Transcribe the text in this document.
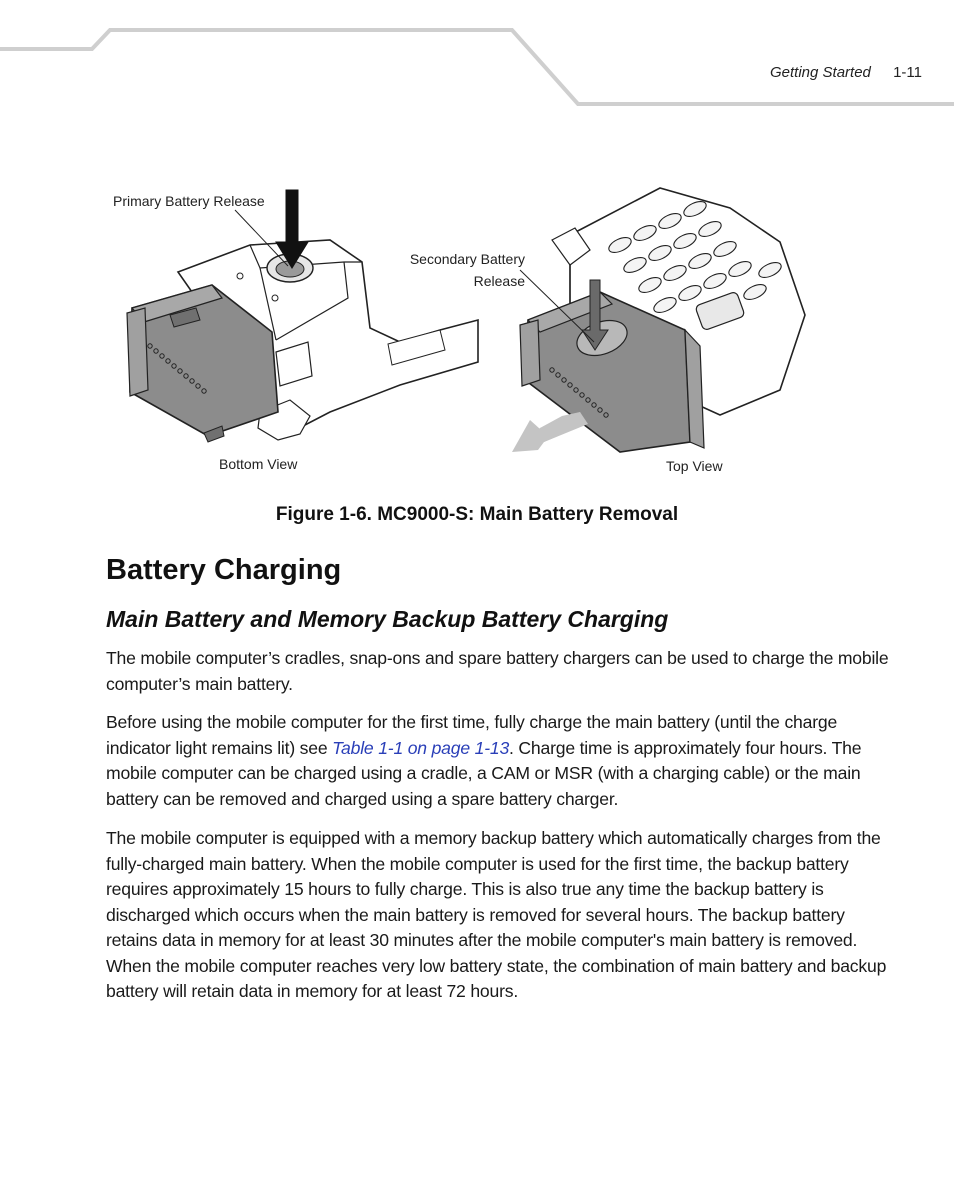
Getting Started 1-11
Primary Battery Release
Secondary Battery
Release
Bottom View	Top View
Figure 1-6. MC9000-S: Main Battery Removal
Battery Charging
Main Battery and Memory Backup Battery Charging

The mobile computer’s cradles, snap-ons and spare battery chargers can be used to charge the mobile computer’s main battery.

Before using the mobile computer for the first time, fully charge the main battery (until the charge indicator light remains lit) see Table 1-1 on page 1-13. Charge time is approximately four hours. The mobile computer can be charged using a cradle, a CAM or MSR (with a charging cable) or the main battery can be removed and charged using a spare battery charger.

The mobile computer is equipped with a memory backup battery which automatically charges from the fully-charged main battery. When the mobile computer is used for the first time, the backup battery requires approximately 15 hours to fully charge. This is also true any time the backup battery is discharged which occurs when the main battery is removed for several hours. The backup battery retains data in memory for at least 30 minutes after the mobile computer's main battery is removed. When the mobile computer reaches very low battery state, the combination of main battery and backup battery will retain data in memory for at least 72 hours.
